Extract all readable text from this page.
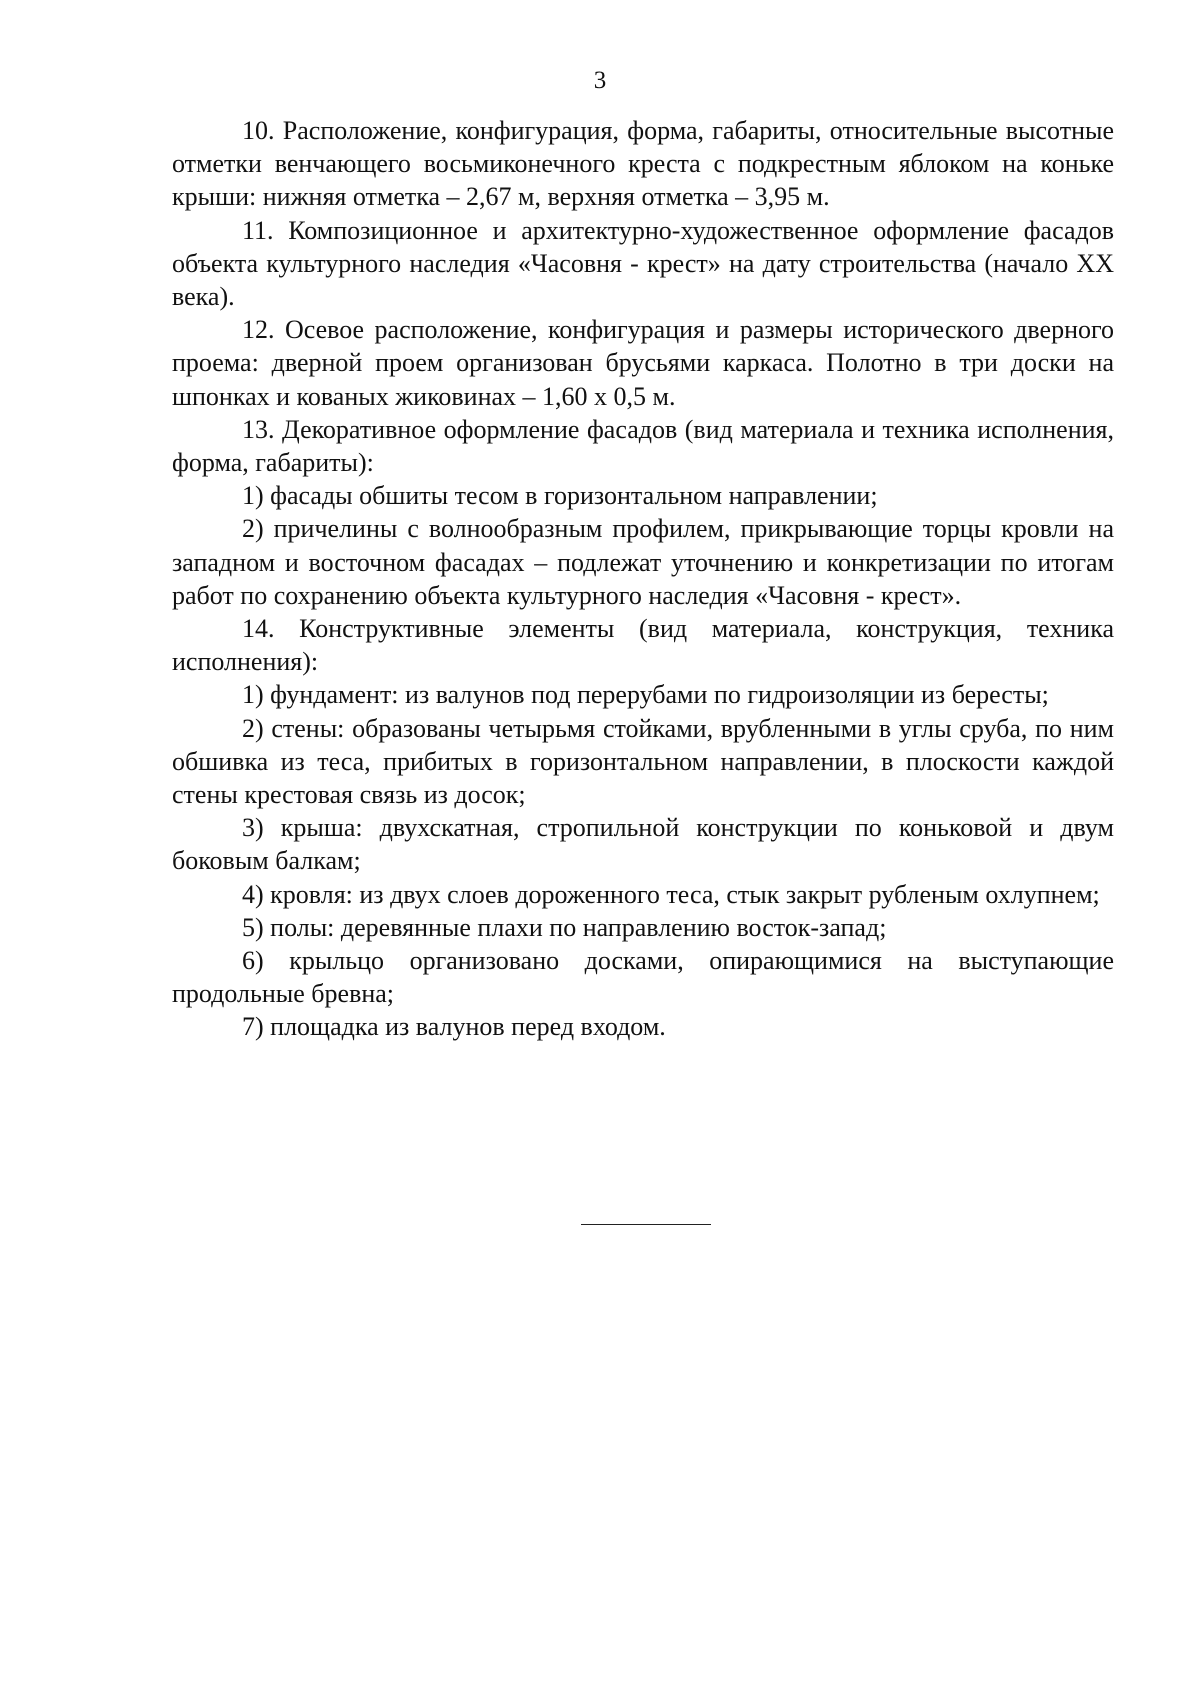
3

10. Расположение, конфигурация, форма, габариты, относительные высотные отметки венчающего восьмиконечного креста с подкрестным яблоком на коньке крыши: нижняя отметка – 2,67 м, верхняя отметка – 3,95 м.

11. Композиционное и архитектурно-художественное оформление фасадов объекта культурного наследия «Часовня - крест» на дату строительства (начало XX века).

12. Осевое расположение, конфигурация и размеры исторического дверного проема: дверной проем организован брусьями каркаса. Полотно в три доски на шпонках и кованых жиковинах – 1,60 x 0,5 м.

13. Декоративное оформление фасадов (вид материала и техника исполнения, форма, габариты):

1) фасады обшиты тесом в горизонтальном направлении;

2) причелины с волнообразным профилем, прикрывающие торцы кровли на западном и восточном фасадах – подлежат уточнению и конкретизации по итогам работ по сохранению объекта культурного наследия «Часовня - крест».

14. Конструктивные элементы (вид материала, конструкция, техника исполнения):

1) фундамент: из валунов под перерубами по гидроизоляции из бересты;

2) стены: образованы четырьмя стойками, врубленными в углы сруба, по ним обшивка из теса, прибитых в горизонтальном направлении, в плоскости каждой стены крестовая связь из досок;

3) крыша: двухскатная, стропильной конструкции по коньковой и двум боковым балкам;

4) кровля: из двух слоев дороженного теса, стык закрыт рубленым охлупнем;

5) полы: деревянные плахи по направлению восток-запад;

6) крыльцо организовано досками, опирающимися на выступающие продольные бревна;

7) площадка из валунов перед входом.
